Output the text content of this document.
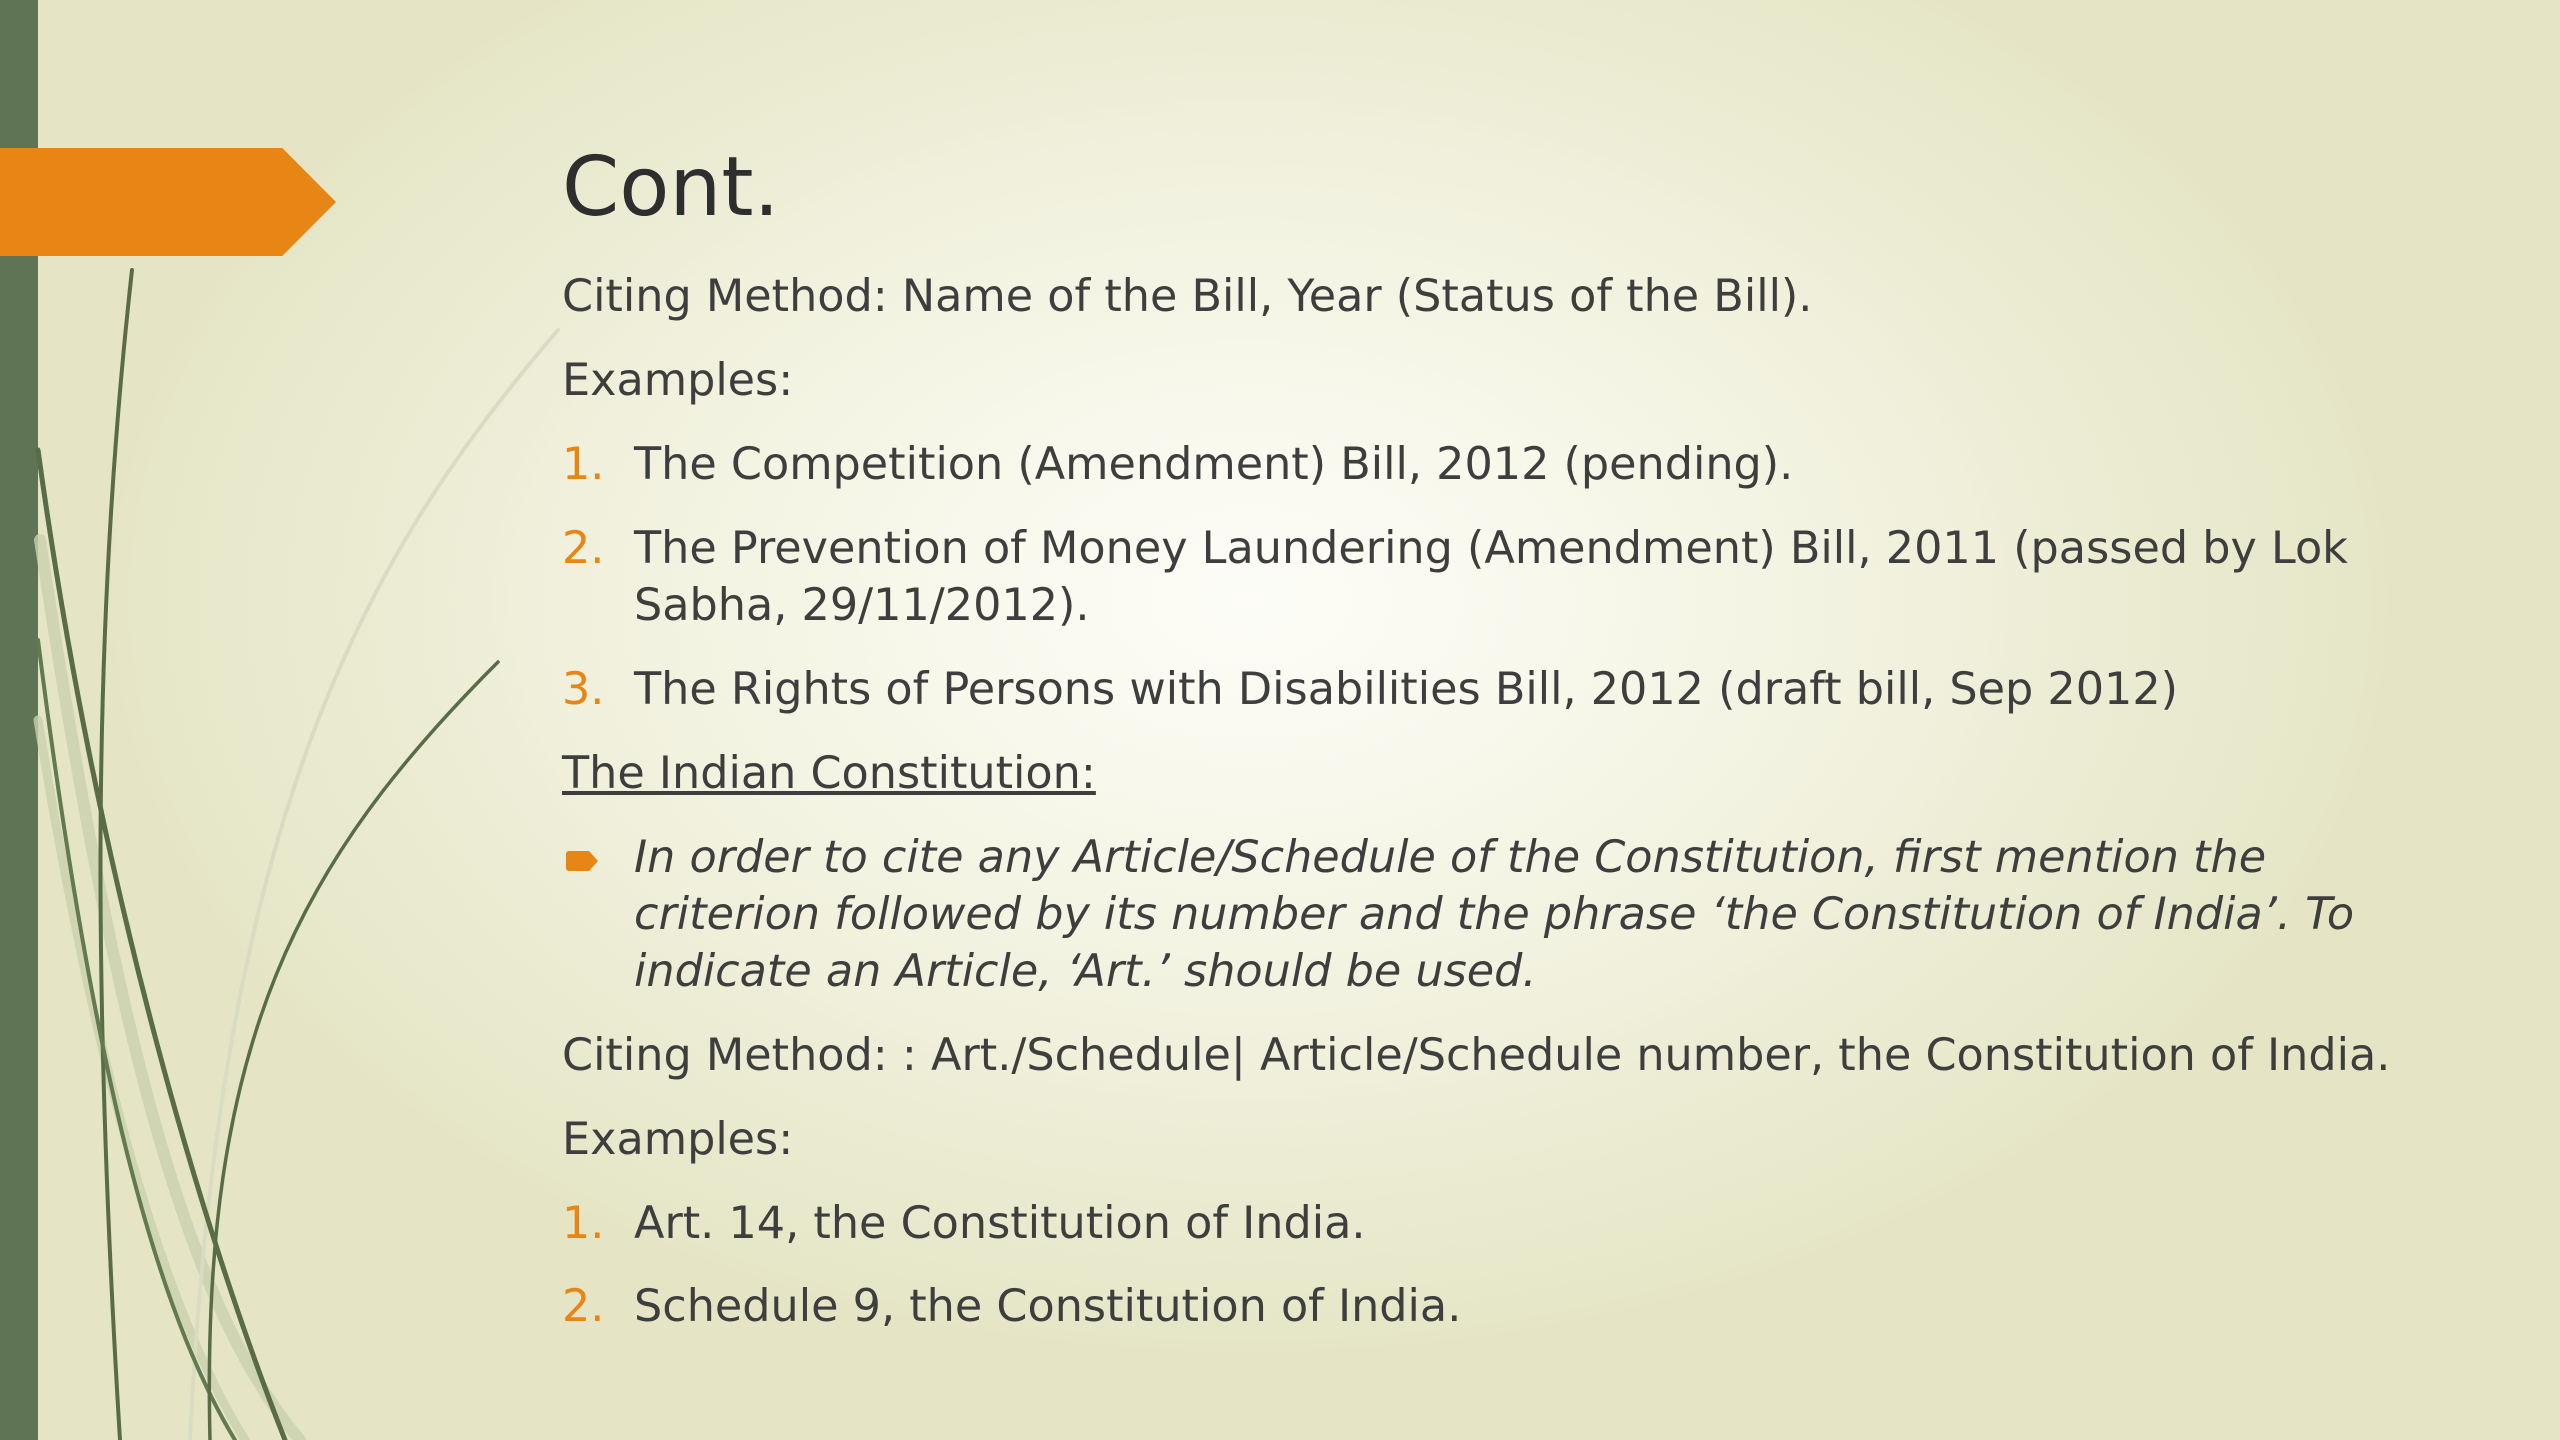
Cont.

Citing Method: Name of the Bill, Year (Status of the Bill).

Examples:

1. The Competition (Amendment) Bill, 2012 (pending).
2. The Prevention of Money Laundering (Amendment) Bill, 2011 (passed by Lok Sabha, 29/11/2012).
3. The Rights of Persons with Disabilities Bill, 2012 (draft bill, Sep 2012)

The Indian Constitution:

In order to cite any Article/Schedule of the Constitution, first mention the criterion followed by its number and the phrase ‘the Constitution of India’. To indicate an Article, ‘Art.’ should be used.

Citing Method: : Art./Schedule| Article/Schedule number, the Constitution of India.

Examples:

1. Art. 14, the Constitution of India.
2. Schedule 9, the Constitution of India.
